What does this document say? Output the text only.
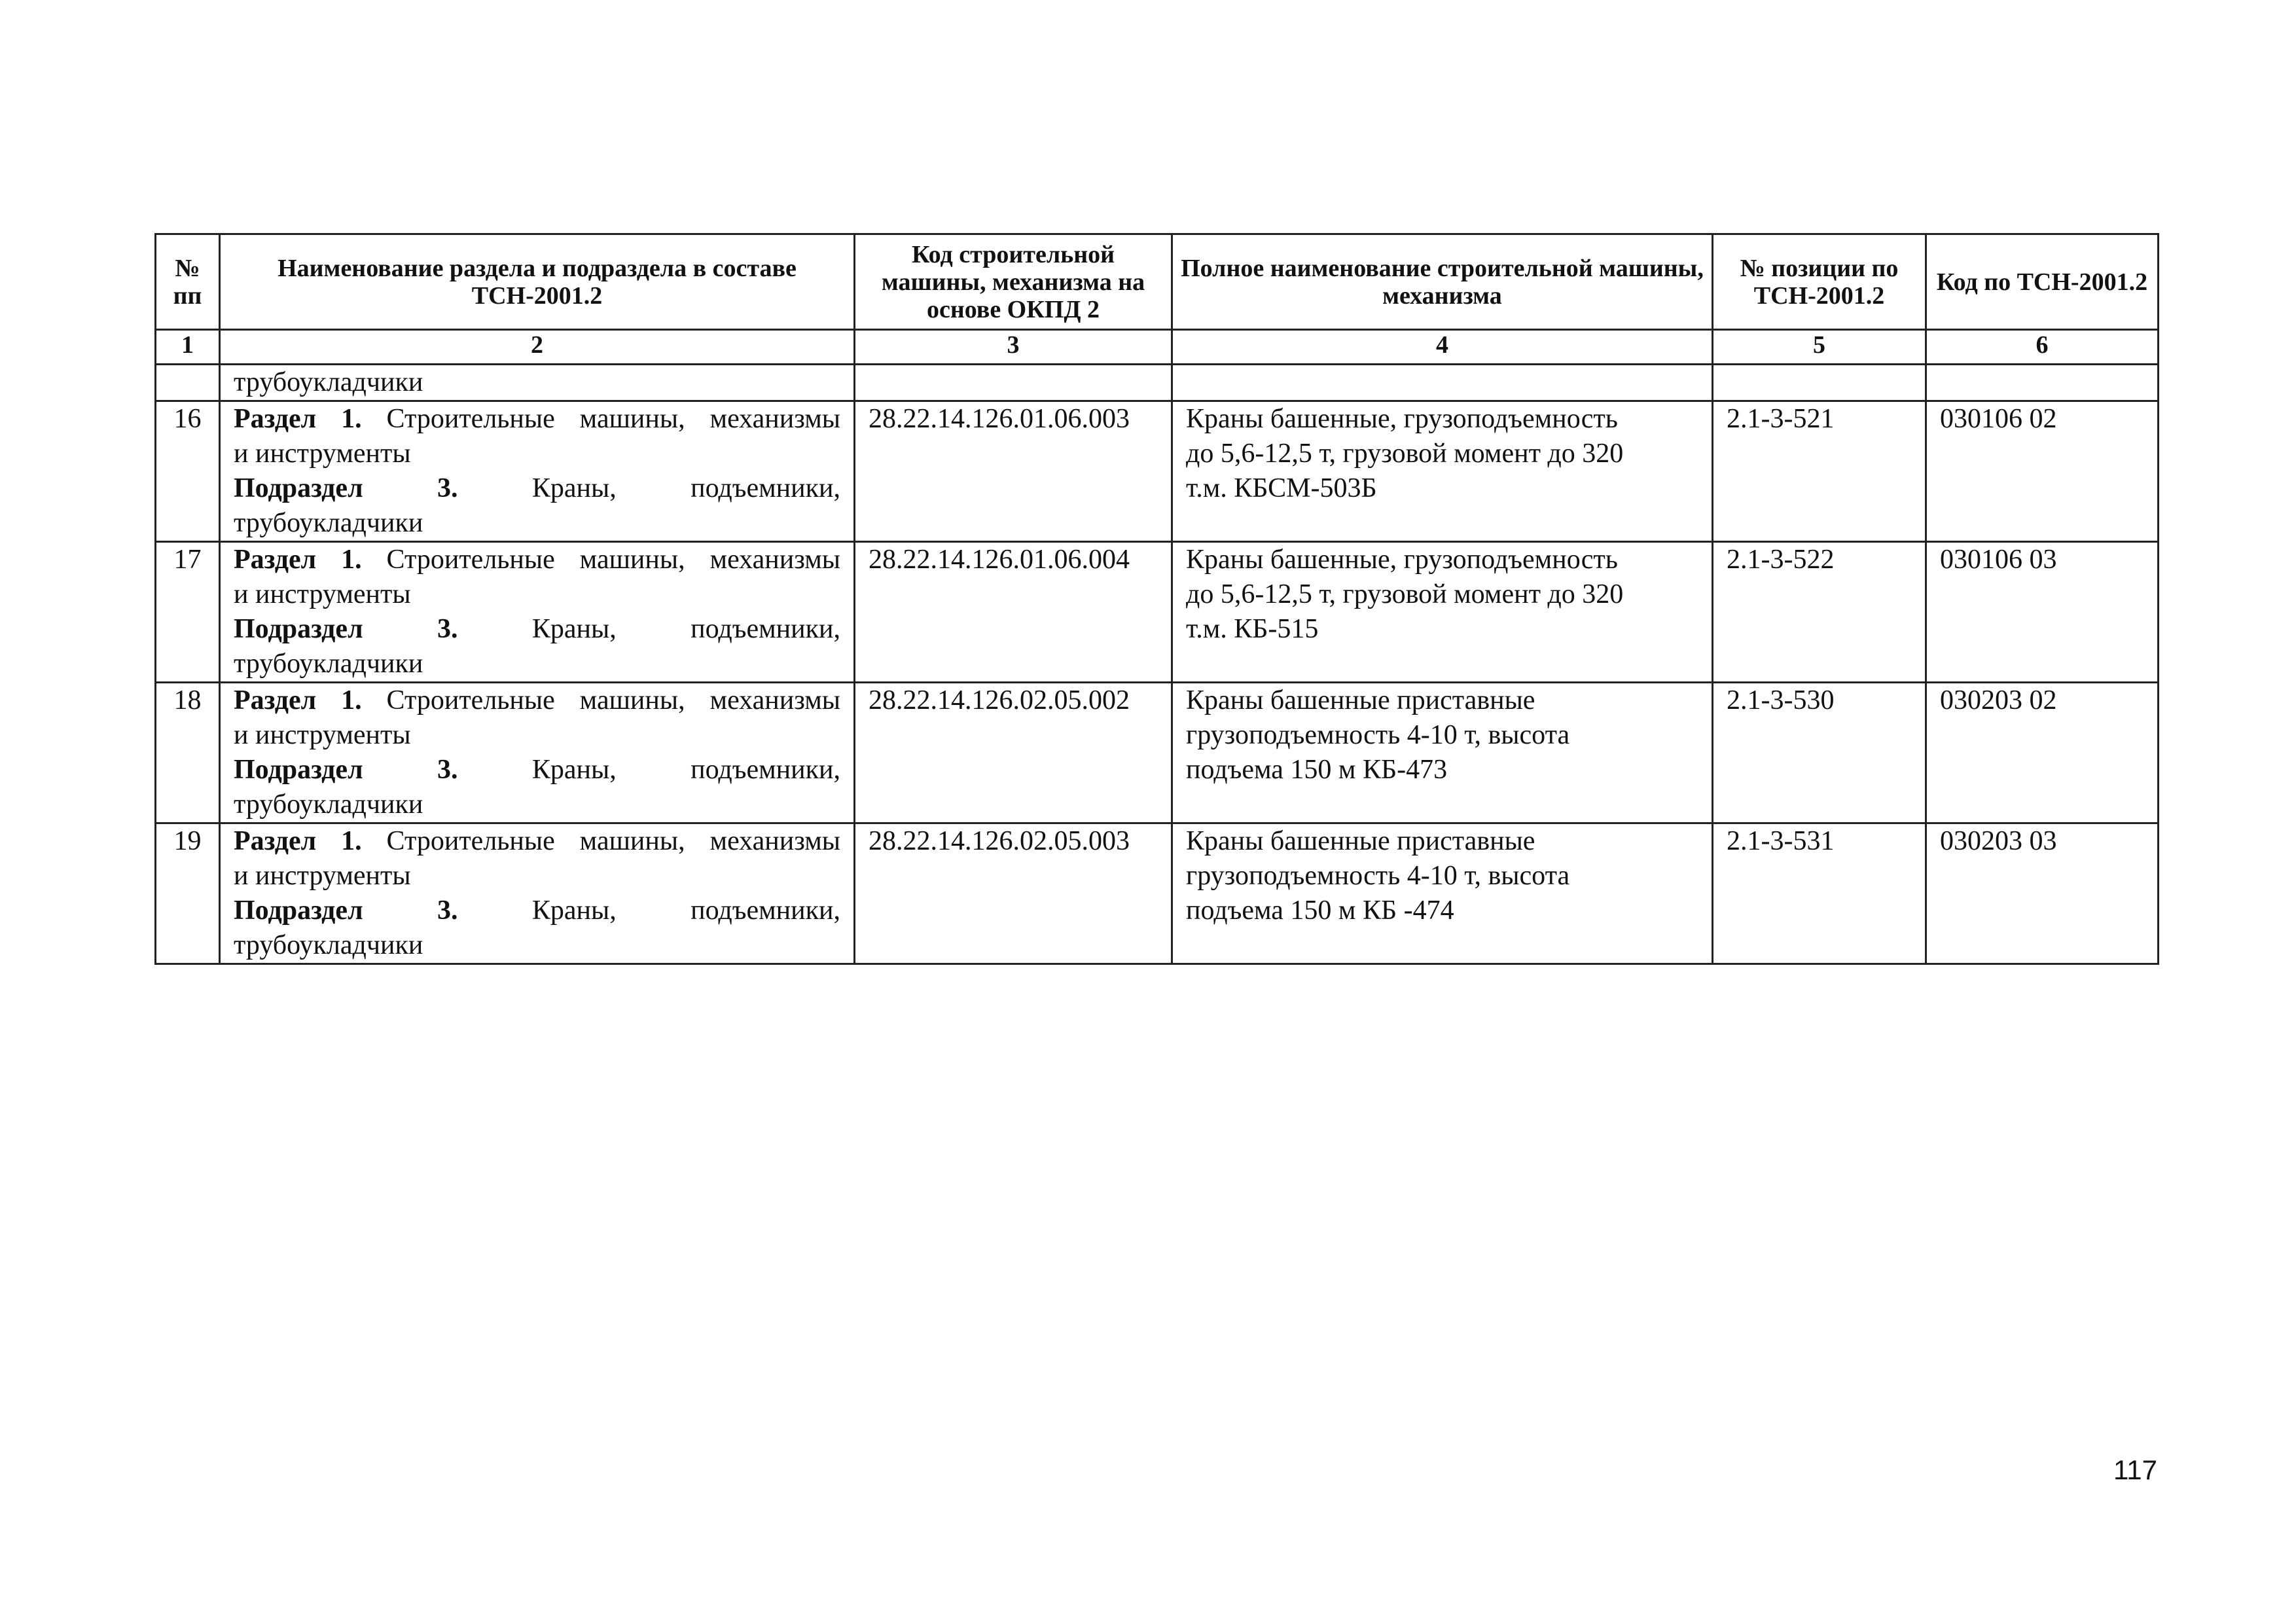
№ пп	Наименование раздела и подраздела в составе ТСН-2001.2	Код строительной машины, механизма на основе ОКПД 2	Полное наименование строительной машины, механизма	№ позиции по ТСН-2001.2	Код по ТСН-2001.2
1	2	3	4	5	6
	трубоукладчики				
16	Раздел 1. Строительные машины, механизмы
и инструменты
Подраздел 3. Краны, подъемники,
трубоукладчики	28.22.14.126.01.06.003	Краны башенные, грузоподъемность
до 5,6-12,5 т, грузовой момент до 320
т.м. КБСМ-503Б	2.1-3-521	030106 02
17	Раздел 1. Строительные машины, механизмы
и инструменты
Подраздел 3. Краны, подъемники,
трубоукладчики	28.22.14.126.01.06.004	Краны башенные, грузоподъемность
до 5,6-12,5 т, грузовой момент до 320
т.м. КБ-515	2.1-3-522	030106 03
18	Раздел 1. Строительные машины, механизмы
и инструменты
Подраздел 3. Краны, подъемники,
трубоукладчики	28.22.14.126.02.05.002	Краны башенные приставные
грузоподъемность 4-10 т, высота
подъема 150 м КБ-473	2.1-3-530	030203 02
19	Раздел 1. Строительные машины, механизмы
и инструменты
Подраздел 3. Краны, подъемники,
трубоукладчики	28.22.14.126.02.05.003	Краны башенные приставные
грузоподъемность 4-10 т, высота
подъема 150 м КБ -474	2.1-3-531	030203 03
117
